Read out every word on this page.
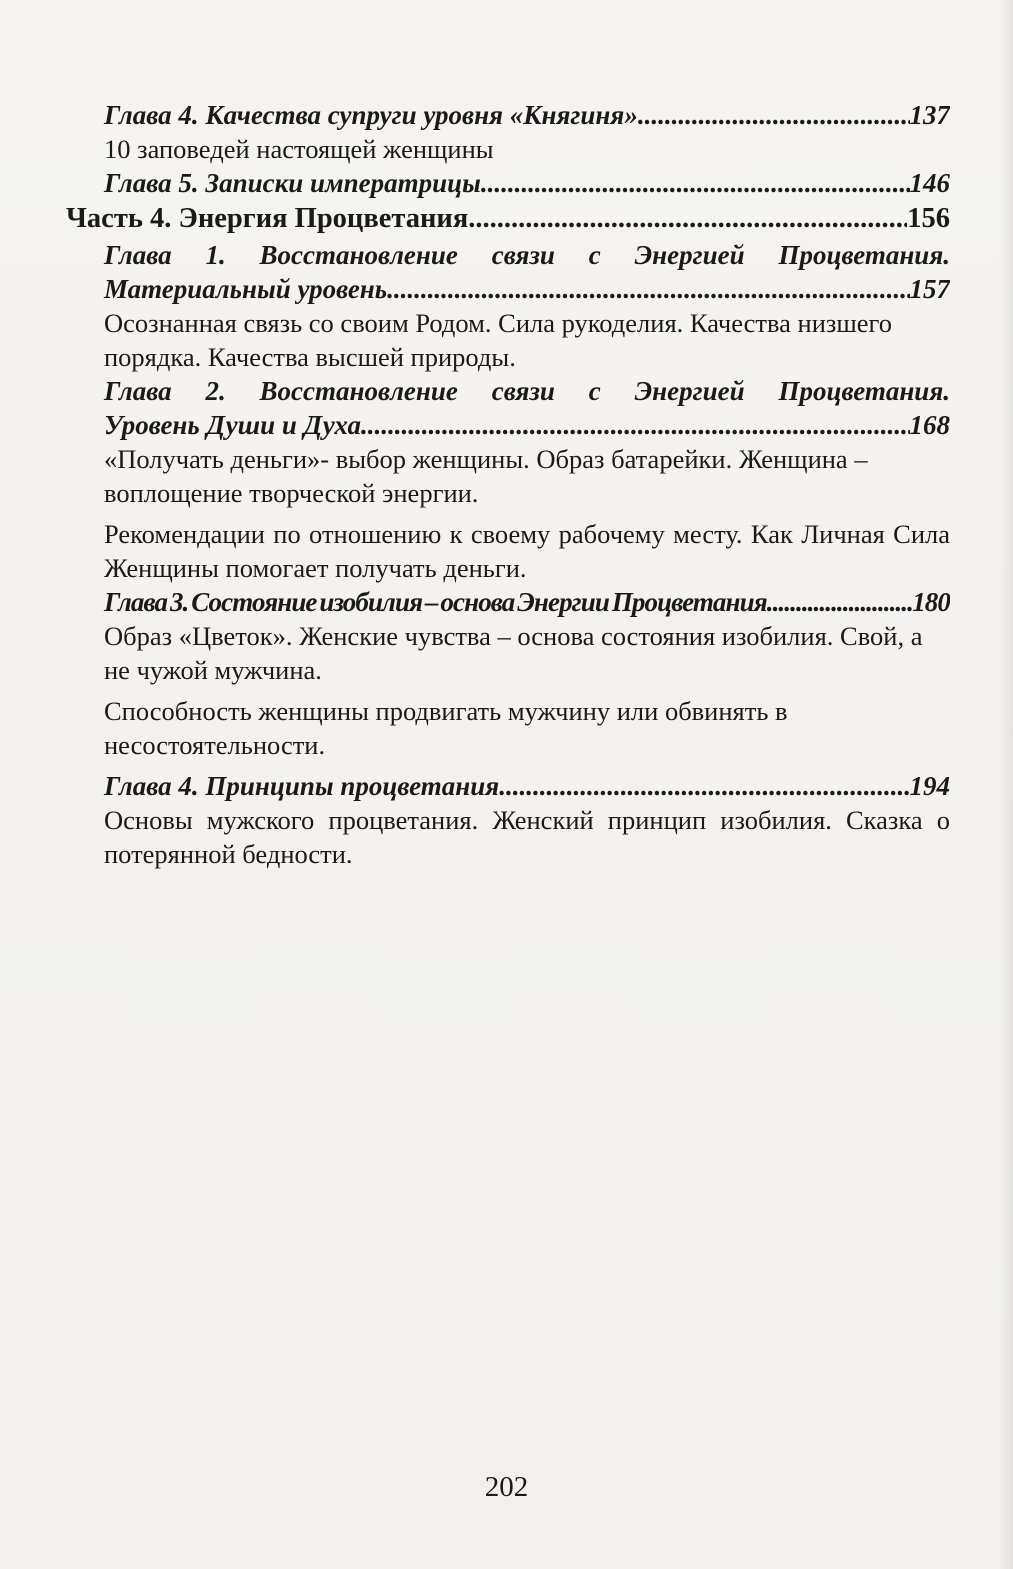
Глава 4. Качества супруги уровня «Княгиня» .....	137
10 заповедей настоящей женщины
Глава 5. Записки императрицы .....	146
Часть 4. Энергия Процветания. .....	156
Глава 1. Восстановление связи с Энергией Процветания.
Материальный уровень .....	157
Осознанная связь со своим Родом. Сила рукоделия. Качества низшего порядка. Качества высшей природы.
Глава 2. Восстановление связи с Энергией Процветания.
Уровень Души и Духа .....	168
«Получать деньги»- выбор женщины. Образ батарейки. Женщина – воплощение творческой энергии.
Рекомендации по отношению к своему рабочему месту. Как Личная Сила Женщины помогает получать деньги.
Глава 3. Состояние изобилия – основа Энергии Процветания .....	180
Образ «Цветок». Женские чувства – основа состояния изобилия. Свой, а не чужой мужчина.
Способность женщины продвигать мужчину или обвинять в несостоятельности.
Глава 4. Принципы процветания .....	194
Основы мужского процветания. Женский принцип изобилия. Сказка о потерянной бедности.
202
